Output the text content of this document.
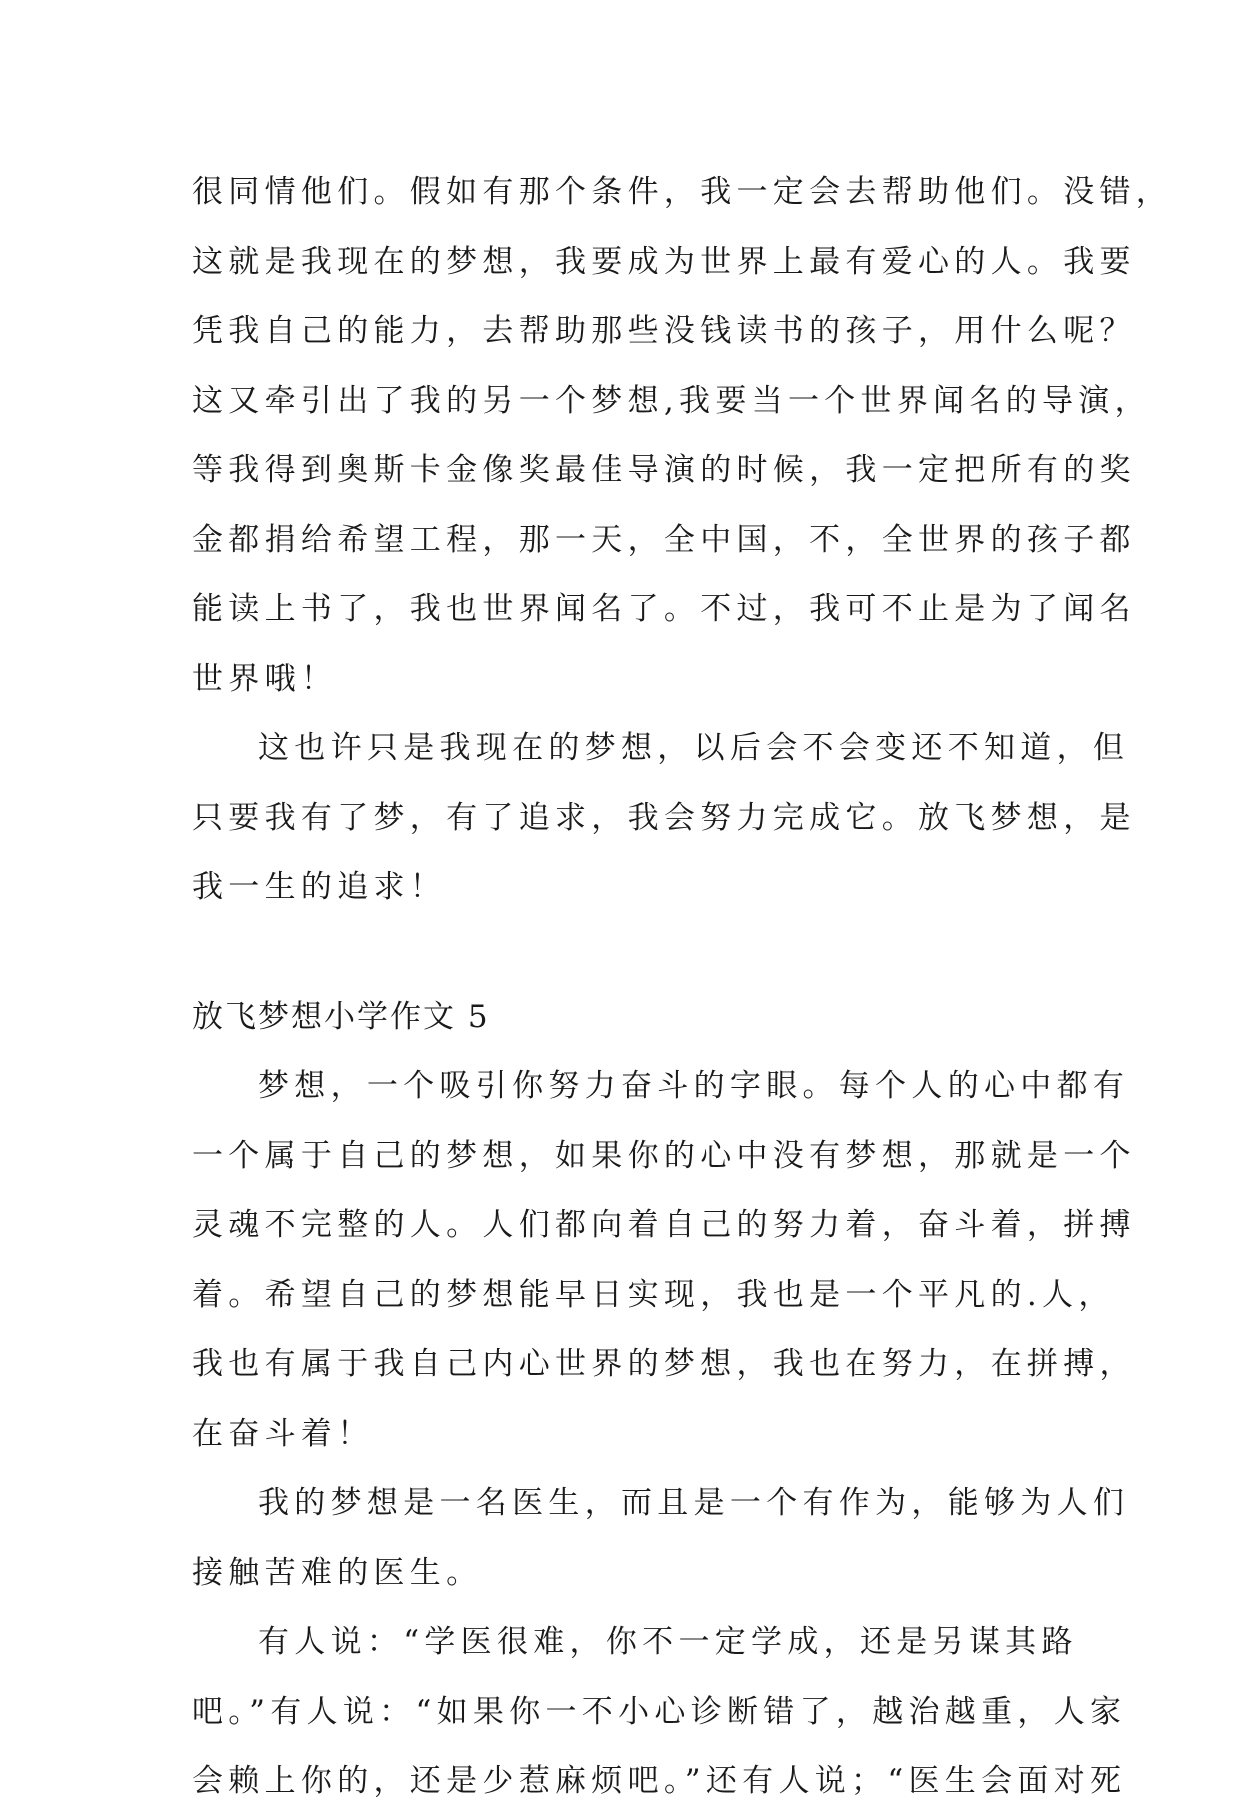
很同情他们。假如有那个条件，我一定会去帮助他们。没错，
这就是我现在的梦想，我要成为世界上最有爱心的人。我要
凭我自己的能力，去帮助那些没钱读书的孩子，用什么呢？
这又牵引出了我的另一个梦想,我要当一个世界闻名的导演，
等我得到奥斯卡金像奖最佳导演的时候，我一定把所有的奖
金都捐给希望工程，那一天，全中国，不，全世界的孩子都
能读上书了，我也世界闻名了。不过，我可不止是为了闻名
世界哦！
这也许只是我现在的梦想，以后会不会变还不知道，但
只要我有了梦，有了追求，我会努力完成它。放飞梦想，是
我一生的追求！
放飞梦想小学作文 5
梦想，一个吸引你努力奋斗的字眼。每个人的心中都有
一个属于自己的梦想，如果你的心中没有梦想，那就是一个
灵魂不完整的人。人们都向着自己的努力着，奋斗着，拼搏
着。希望自己的梦想能早日实现，我也是一个平凡的.人，
我也有属于我自己内心世界的梦想，我也在努力，在拼搏，
在奋斗着！
我的梦想是一名医生，而且是一个有作为，能够为人们
接触苦难的医生。
有人说：“学医很难，你不一定学成，还是另谋其路
吧。”有人说：“如果你一不小心诊断错了，越治越重，人家
会赖上你的，还是少惹麻烦吧。”还有人说；“医生会面对死
